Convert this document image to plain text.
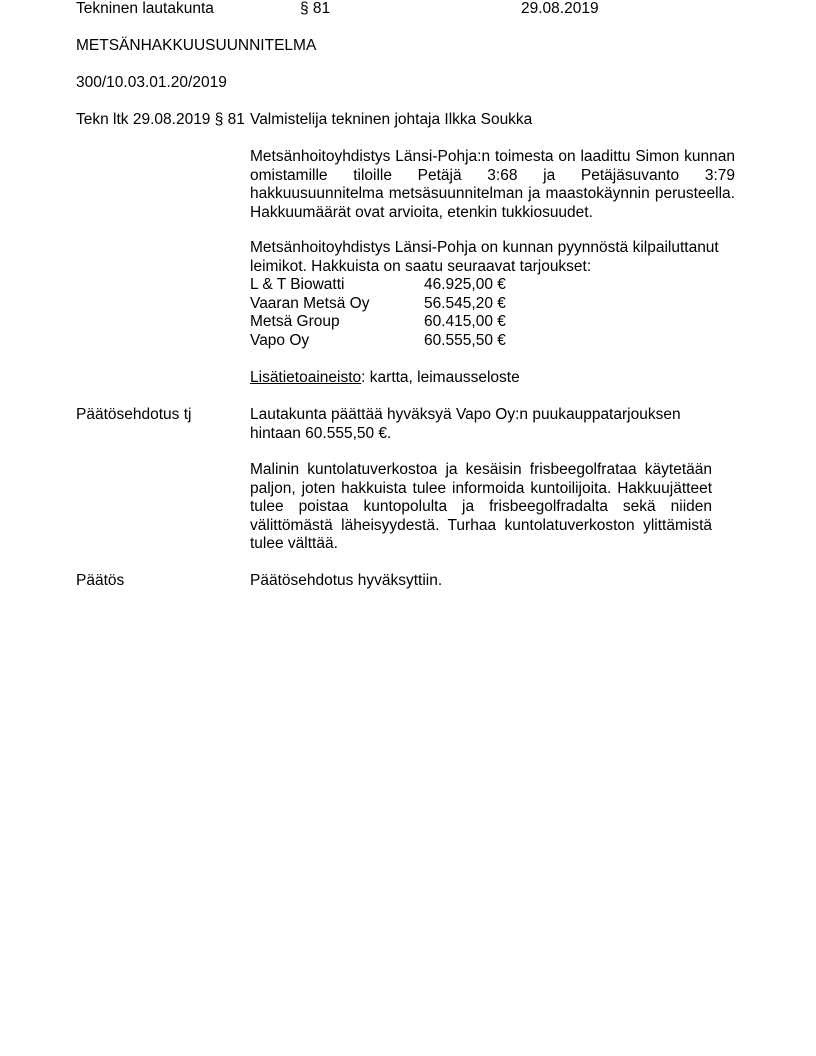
Tekninen lautakunta	§ 81	29.08.2019
METSÄNHAKKUUSUUNNITELMA
300/10.03.01.20/2019
Tekn ltk 29.08.2019 § 81 Valmistelija tekninen johtaja Ilkka Soukka
Metsänhoitoyhdistys Länsi-Pohja:n toimesta on laadittu Simon kunnan omistamille tiloille Petäjä 3:68 ja Petäjäsuvanto 3:79 hakkuusuunnitelma metsäsuunnitelman ja maastokäynnin perusteella. Hakkuumäärät ovat arvioita, etenkin tukkiosuudet.
Metsänhoitoyhdistys Länsi-Pohja on kunnan pyynnöstä kilpailuttanut leimikot. Hakkuista on saatu seuraavat tarjoukset:
L & T Biowatti	46.925,00 €
Vaaran Metsä Oy	56.545,20 €
Metsä Group	60.415,00 €
Vapo Oy	60.555,50 €
Lisätietoaineisto: kartta, leimausseloste
Päätösehdotus tj	Lautakunta päättää hyväksyä Vapo Oy:n puukauppatarjouksen hintaan 60.555,50 €.
Malinin kuntolatuverkostoa ja kesäisin frisbeegolfrataa käytetään paljon, joten hakkuista tulee informoida kuntoilijoita. Hakkuujätteet tulee poistaa kuntopolulta ja frisbeegolfradalta sekä niiden välittömästä läheisyydestä. Turhaa kuntolatuverkoston ylittämistä tulee välttää.
Päätös	Päätösehdotus hyväksyttiin.
